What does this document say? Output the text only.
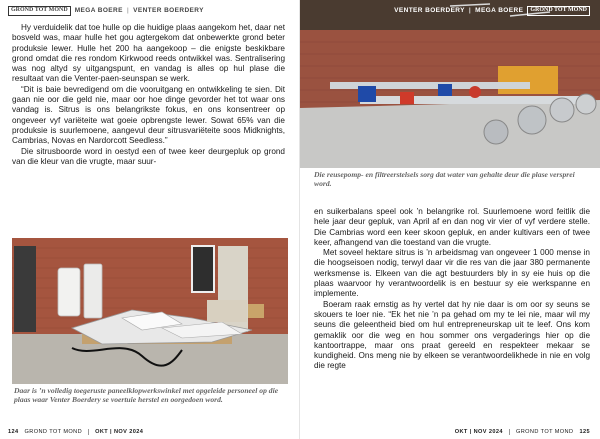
GROND TOT MOND	MEGA BOERE | VENTER BOERDERY

Hy verduidelik dat toe hulle op die huidige plaas aangekom het, daar net bosveld was, maar hulle het gou agtergekom dat onbewerkte grond beter produksie lewer. Hulle het 200 ha aangekoop – die enigste beskikbare grond omdat die res rondom Kirkwood reeds ontwikkel was. Sentralisering was nog altyd sy uitgangspunt, en vandag is alles op hul plase die resultaat van die Venter-paen-seunspan se werk.

“Dit is baie bevredigend om die vooruitgang en ontwikkeling te sien. Dit gaan nie oor die geld nie, maar oor hoe dinge gevorder het tot waar ons vandag is. Sitrus is ons belangrikste fokus, en ons konsentreer op ongeveer vyf variëteite wat goeie opbrengste lewer. Sowat 65% van die produksie is suurlemoene, aangevul deur sitrusvariëteite soos Midknights, Cambrias, Novas en Nardorcott Seedless.”

Die sitrusboorde word in oestyd een of twee keer deurgepluk op grond van die kleur van die vrugte, maar suur-

Daar is ’n volledig toegeruste paneelklopwerkswinkel met opgeleide personeel op die plaas waar Venter Boerdery se voertuie herstel en oorgedoen word.
124 GROND TOT MOND OKT | NOV 2024
VENTER BOERDERY | MEGA BOERE	GROND TOT MOND
Die reusepomp- en filtreerstelsels sorg dat water van gehalte deur die plase versprei word.

en suikerbalans speel ook ’n belangrike rol. Suurlemoene word feitlik die hele jaar deur gepluk, van April af en dan nog vir vier of vyf verdere stelle. Die Cambrias word een keer skoon gepluk, en ander kultivars een of twee keer, afhangend van die toestand van die vrugte.

Met soveel hektare sitrus is ’n arbeidsmag van ongeveer 1 000 mense in die hoogseisoen nodig, terwyl daar vir die res van die jaar 380 permanente werksmense is. Elkeen van die agt bestuurders bly in sy eie huis op die plaas waarvoor hy verantwoordelik is en bestuur sy eie werkspanne en implemente.

Boeram raak ernstig as hy vertel dat hy nie daar is om oor sy seuns se skouers te loer nie. “Ek het nie ’n pa gehad om my te lei nie, maar wil my seuns die geleentheid bied om hul entrepreneurskap uit te leef. Ons kom gemaklik oor die weg en hou sommer ons vergaderings hier op die kantoortrappe, maar ons praat gereeld en respekteer mekaar se kundigheid. Ons meng nie by elkeen se verantwoordelikhede in nie en volg die regte

OKT | NOV 2024 GROND TOT MOND 125
